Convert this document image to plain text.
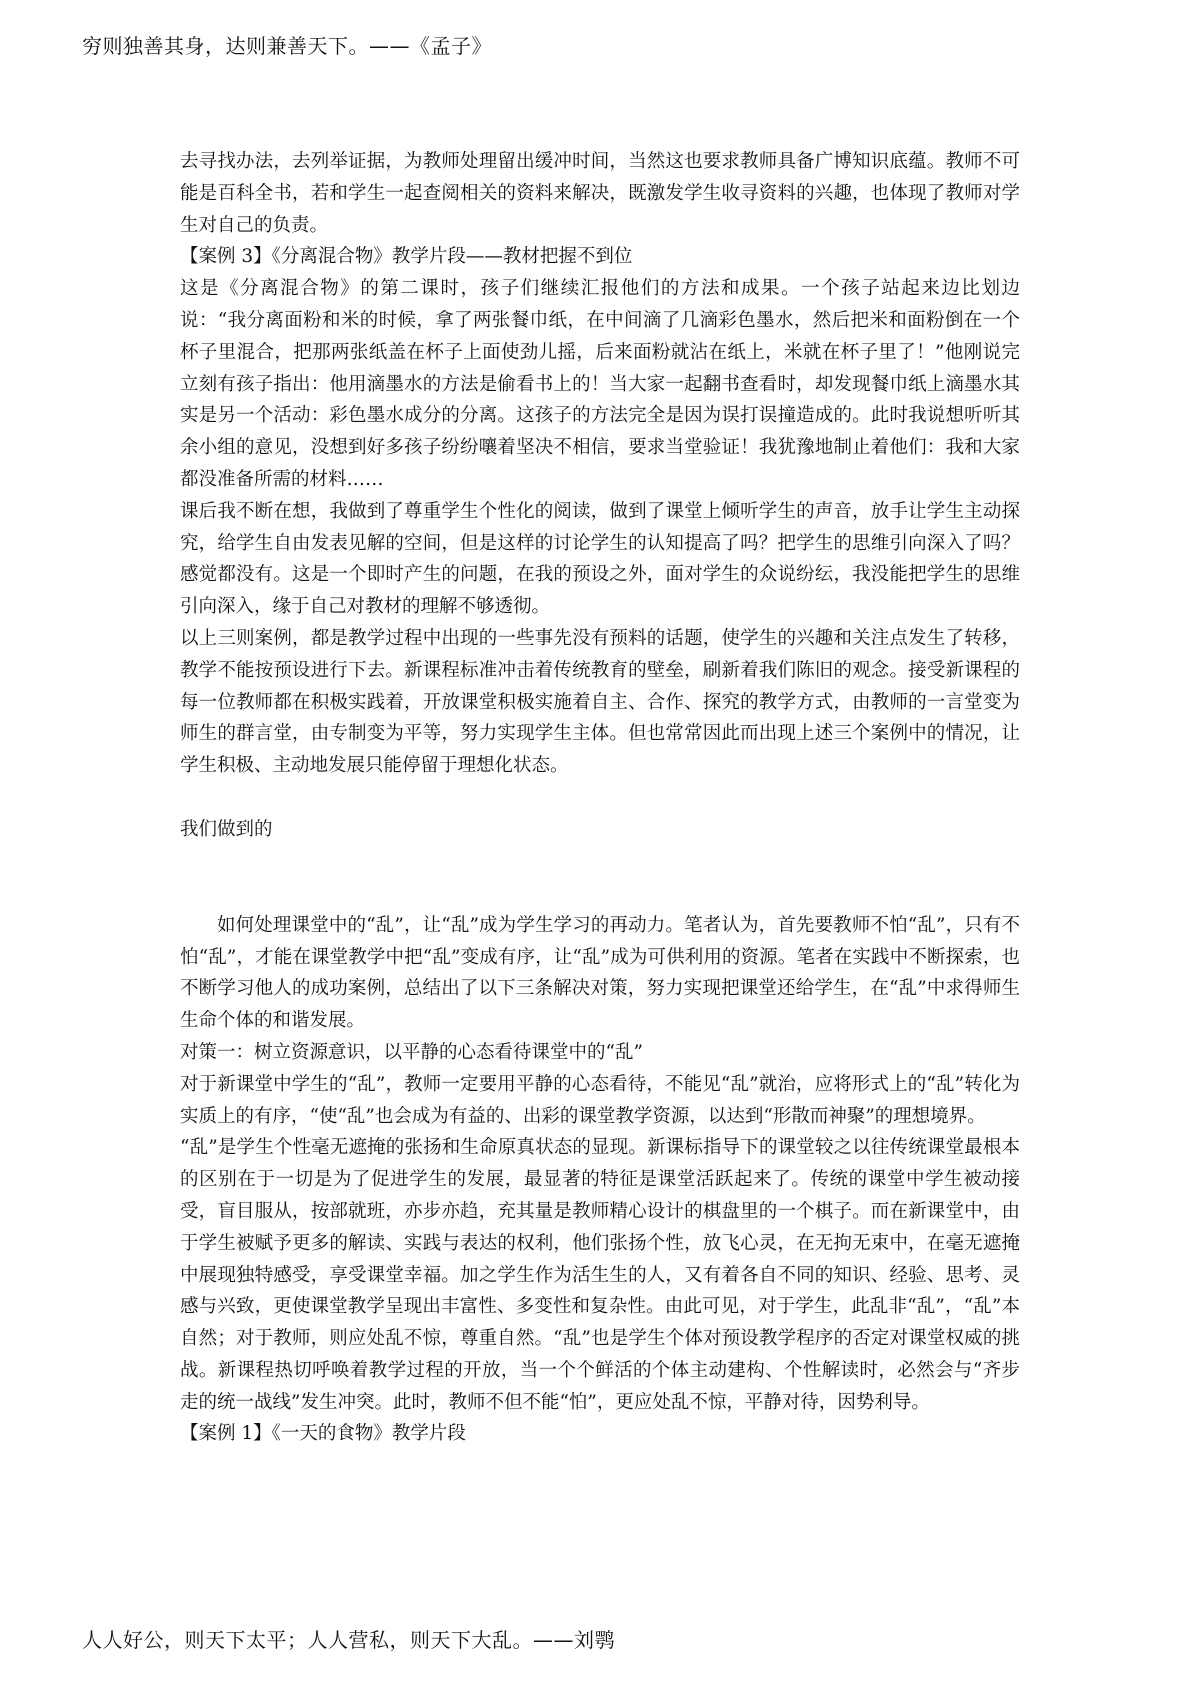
穷则独善其身，达则兼善天下。——《孟子》

去寻找办法，去列举证据，为教师处理留出缓冲时间，当然这也要求教师具备广博知识底蕴。教师不可能是百科全书，若和学生一起查阅相关的资料来解决，既激发学生收寻资料的兴趣，也体现了教师对学生对自己的负责。

【案例 3】《分离混合物》教学片段——教材把握不到位

这是《分离混合物》的第二课时，孩子们继续汇报他们的方法和成果。一个孩子站起来边比划边说：“我分离面粉和米的时候，拿了两张餐巾纸，在中间滴了几滴彩色墨水，然后把米和面粉倒在一个杯子里混合，把那两张纸盖在杯子上面使劲儿摇，后来面粉就沾在纸上，米就在杯子里了！”他刚说完立刻有孩子指出：他用滴墨水的方法是偷看书上的！当大家一起翻书查看时，却发现餐巾纸上滴墨水其实是另一个活动：彩色墨水成分的分离。这孩子的方法完全是因为误打误撞造成的。此时我说想听听其余小组的意见，没想到好多孩子纷纷嚷着坚决不相信，要求当堂验证！我犹豫地制止着他们：我和大家都没准备所需的材料……

课后我不断在想，我做到了尊重学生个性化的阅读，做到了课堂上倾听学生的声音，放手让学生主动探究，给学生自由发表见解的空间，但是这样的讨论学生的认知提高了吗？把学生的思维引向深入了吗？感觉都没有。这是一个即时产生的问题，在我的预设之外，面对学生的众说纷纭，我没能把学生的思维引向深入，缘于自己对教材的理解不够透彻。

以上三则案例，都是教学过程中出现的一些事先没有预料的话题，使学生的兴趣和关注点发生了转移，教学不能按预设进行下去。新课程标准冲击着传统教育的壁垒，刷新着我们陈旧的观念。接受新课程的每一位教师都在积极实践着，开放课堂积极实施着自主、合作、探究的教学方式，由教师的一言堂变为师生的群言堂，由专制变为平等，努力实现学生主体。但也常常因此而出现上述三个案例中的情况，让学生积极、主动地发展只能停留于理想化状态。

我们做到的

如何处理课堂中的“乱”，让“乱”成为学生学习的再动力。笔者认为，首先要教师不怕“乱”，只有不怕“乱”，才能在课堂教学中把“乱”变成有序，让“乱”成为可供利用的资源。笔者在实践中不断探索，也不断学习他人的成功案例，总结出了以下三条解决对策，努力实现把课堂还给学生，在“乱”中求得师生生命个体的和谐发展。

对策一：树立资源意识，以平静的心态看待课堂中的“乱”

对于新课堂中学生的“乱”，教师一定要用平静的心态看待，不能见“乱”就治，应将形式上的“乱”转化为实质上的有序，“使“乱”也会成为有益的、出彩的课堂教学资源，以达到“形散而神聚”的理想境界。

“乱”是学生个性毫无遮掩的张扬和生命原真状态的显现。新课标指导下的课堂较之以往传统课堂最根本的区别在于一切是为了促进学生的发展，最显著的特征是课堂活跃起来了。传统的课堂中学生被动接受，盲目服从，按部就班，亦步亦趋，充其量是教师精心设计的棋盘里的一个棋子。而在新课堂中，由于学生被赋予更多的解读、实践与表达的权利，他们张扬个性，放飞心灵，在无拘无束中，在毫无遮掩中展现独特感受，享受课堂幸福。加之学生作为活生生的人，又有着各自不同的知识、经验、思考、灵感与兴致，更使课堂教学呈现出丰富性、多变性和复杂性。由此可见，对于学生，此乱非“乱”，“乱”本自然；对于教师，则应处乱不惊，尊重自然。“乱”也是学生个体对预设教学程序的否定对课堂权威的挑战。新课程热切呼唤着教学过程的开放，当一个个鲜活的个体主动建构、个性解读时，必然会与“齐步走的统一战线”发生冲突。此时，教师不但不能“怕”，更应处乱不惊，平静对待，因势利导。

【案例 1】《一天的食物》教学片段

人人好公，则天下太平；人人营私，则天下大乱。——刘鹗
